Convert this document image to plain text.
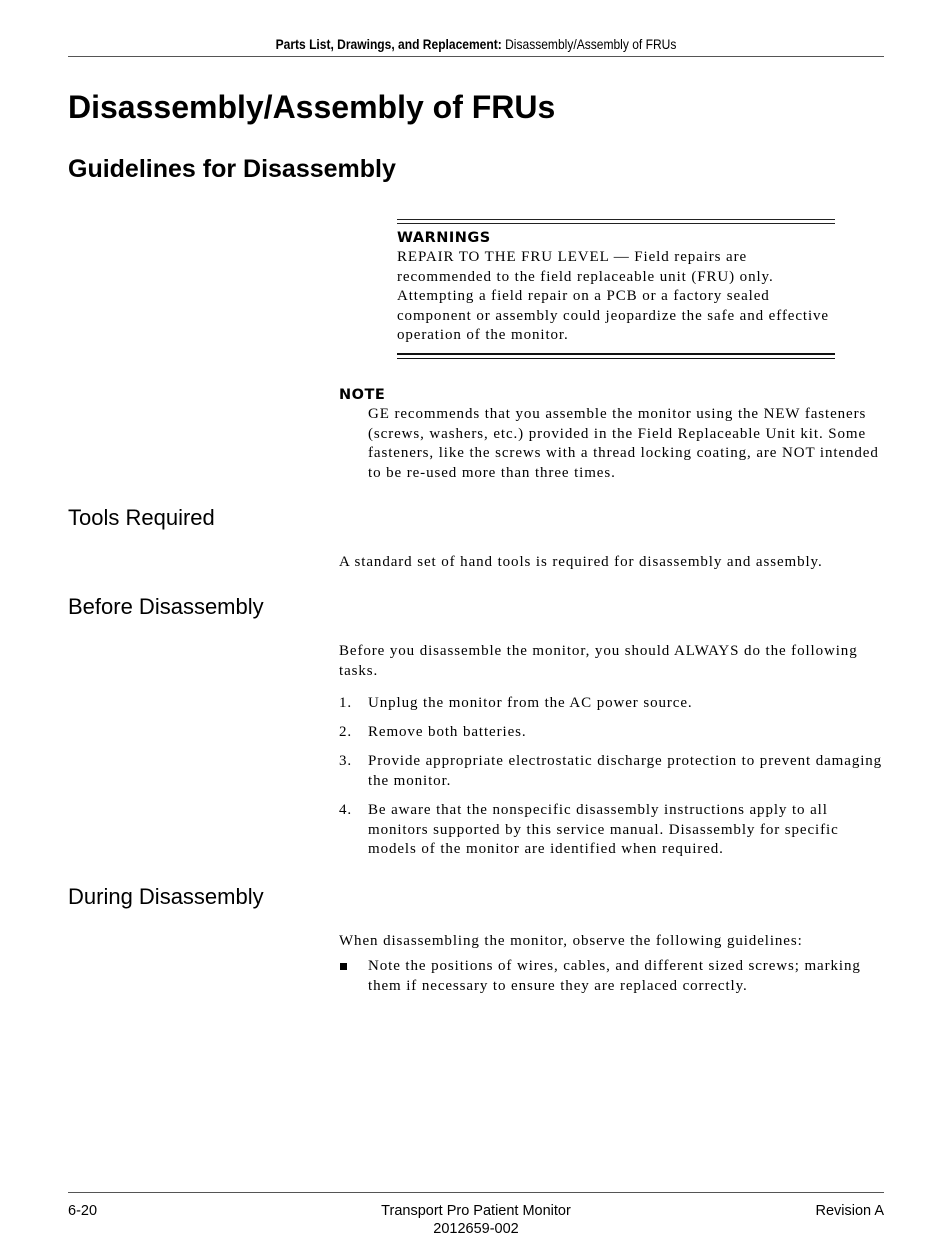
Parts List, Drawings, and Replacement: Disassembly/Assembly of FRUs
Disassembly/Assembly of FRUs
Guidelines for Disassembly
WARNINGS
REPAIR TO THE FRU LEVEL — Field repairs are recommended to the field replaceable unit (FRU) only. Attempting a field repair on a PCB or a factory sealed component or assembly could jeopardize the safe and effective operation of the monitor.
NOTE
GE recommends that you assemble the monitor using the NEW fasteners (screws, washers, etc.) provided in the Field Replaceable Unit kit. Some fasteners, like the screws with a thread locking coating, are NOT intended to be re-used more than three times.
Tools Required

A standard set of hand tools is required for disassembly and assembly.

Before Disassembly

Before you disassemble the monitor, you should ALWAYS do the following tasks.

1. Unplug the monitor from the AC power source.
2. Remove both batteries.
3. Provide appropriate electrostatic discharge protection to prevent damaging the monitor.
4. Be aware that the nonspecific disassembly instructions apply to all monitors supported by this service manual. Disassembly for specific models of the monitor are identified when required.
During Disassembly

When disassembling the monitor, observe the following guidelines:

Note the positions of wires, cables, and different sized screws; marking them if necessary to ensure they are replaced correctly.
6-20	Transport Pro Patient Monitor
2012659-002
Revision A
